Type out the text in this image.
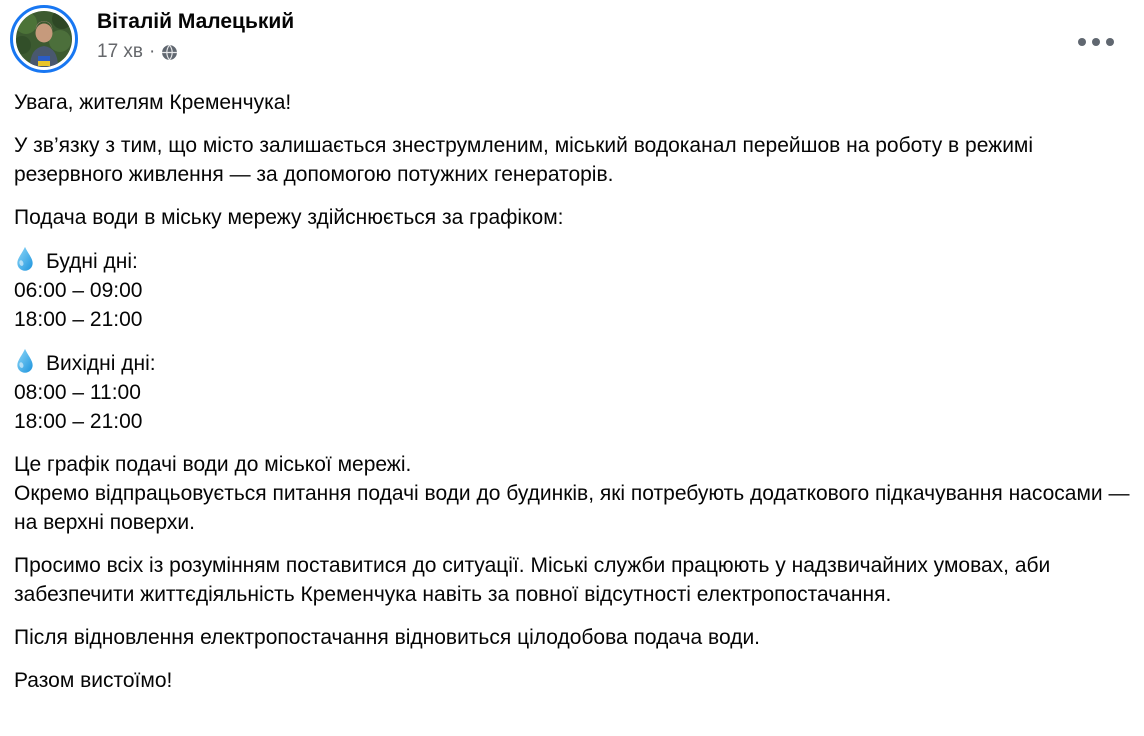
Віталій Малецький
17 хв ·

Увага, жителям Кременчука!

У зв’язку з тим, що місто залишається знеструмленим, міський водоканал перейшов на роботу в режимі резервного живлення — за допомогою потужних генераторів.

Подача води в міську мережу здійснюється за графіком:

Будні дні:
06:00 – 09:00
18:00 – 21:00

Вихідні дні:
08:00 – 11:00
18:00 – 21:00

Це графік подачі води до міської мережі.
Окремо відпрацьовується питання подачі води до будинків, які потребують додаткового підкачування насосами — на верхні поверхи.

Просимо всіх із розумінням поставитися до ситуації. Міські служби працюють у надзвичайних умовах, аби забезпечити життєдіяльність Кременчука навіть за повної відсутності електропостачання.

Після відновлення електропостачання відновиться цілодобова подача води.

Разом вистоїмо!
